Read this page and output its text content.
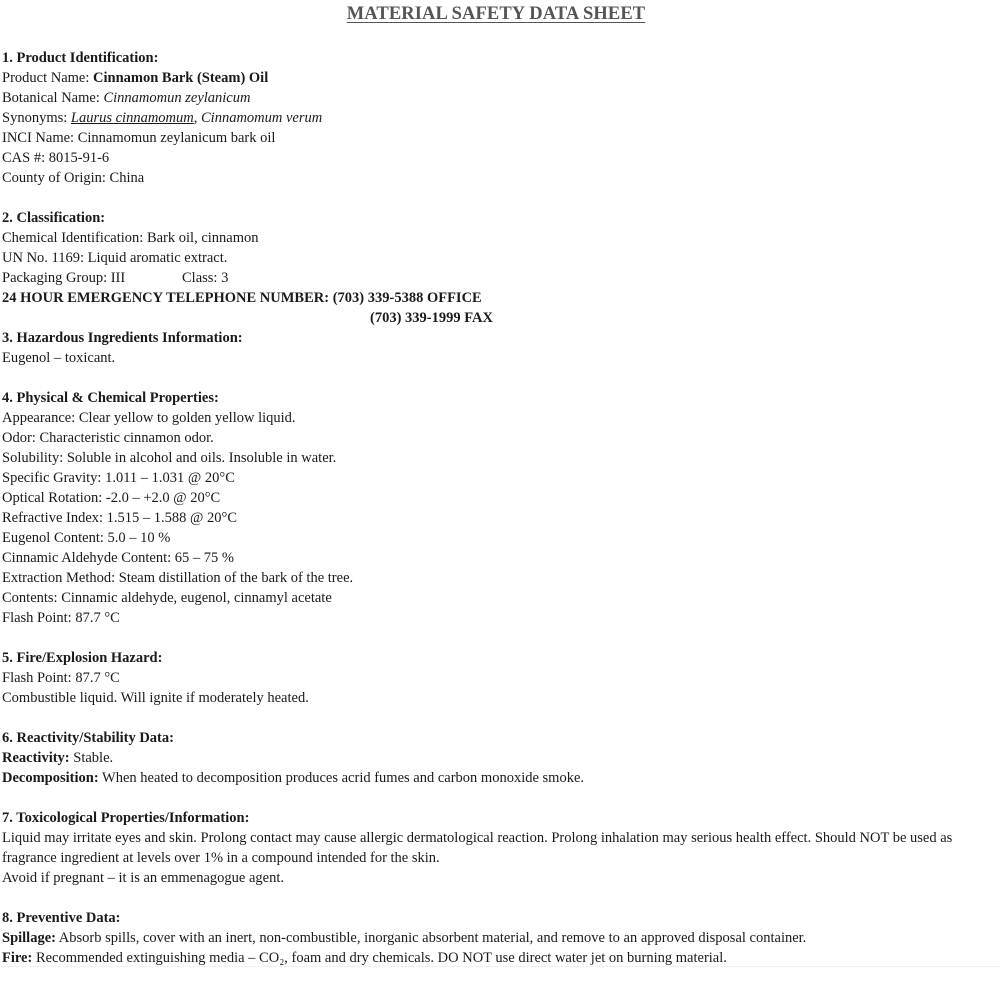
MATERIAL SAFETY DATA SHEET
1. Product Identification:
Product Name: Cinnamon Bark (Steam) Oil
Botanical Name: Cinnamomun zeylanicum
Synonyms: Laurus cinnamomum, Cinnamomum verum
INCI Name: Cinnamomun zeylanicum bark oil
CAS #: 8015-91-6
County of Origin: China
2. Classification:
Chemical Identification: Bark oil, cinnamon
UN No. 1169: Liquid aromatic extract.
Packaging Group: III	Class: 3
24 HOUR EMERGENCY TELEPHONE NUMBER: (703) 339-5388 OFFICE
(703) 339-1999 FAX
3. Hazardous Ingredients Information:
Eugenol – toxicant.
4. Physical & Chemical Properties:
Appearance: Clear yellow to golden yellow liquid.
Odor: Characteristic cinnamon odor.
Solubility: Soluble in alcohol and oils. Insoluble in water.
Specific Gravity: 1.011 – 1.031 @ 20°C
Optical Rotation: -2.0 – +2.0 @ 20°C
Refractive Index: 1.515 – 1.588 @ 20°C
Eugenol Content: 5.0 – 10 %
Cinnamic Aldehyde Content: 65 – 75 %
Extraction Method: Steam distillation of the bark of the tree.
Contents: Cinnamic aldehyde, eugenol, cinnamyl acetate
Flash Point: 87.7 °C
5. Fire/Explosion Hazard:
Flash Point: 87.7 °C
Combustible liquid. Will ignite if moderately heated.
6. Reactivity/Stability Data:
Reactivity: Stable.
Decomposition: When heated to decomposition produces acrid fumes and carbon monoxide smoke.
7. Toxicological Properties/Information:
Liquid may irritate eyes and skin. Prolong contact may cause allergic dermatological reaction. Prolong inhalation may serious health effect. Should NOT be used as fragrance ingredient at levels over 1% in a compound intended for the skin.
Avoid if pregnant – it is an emmenagogue agent.
8. Preventive Data:
Spillage: Absorb spills, cover with an inert, non-combustible, inorganic absorbent material, and remove to an approved disposal container.
Fire: Recommended extinguishing media – CO₂, foam and dry chemicals. DO NOT use direct water jet on burning material.
